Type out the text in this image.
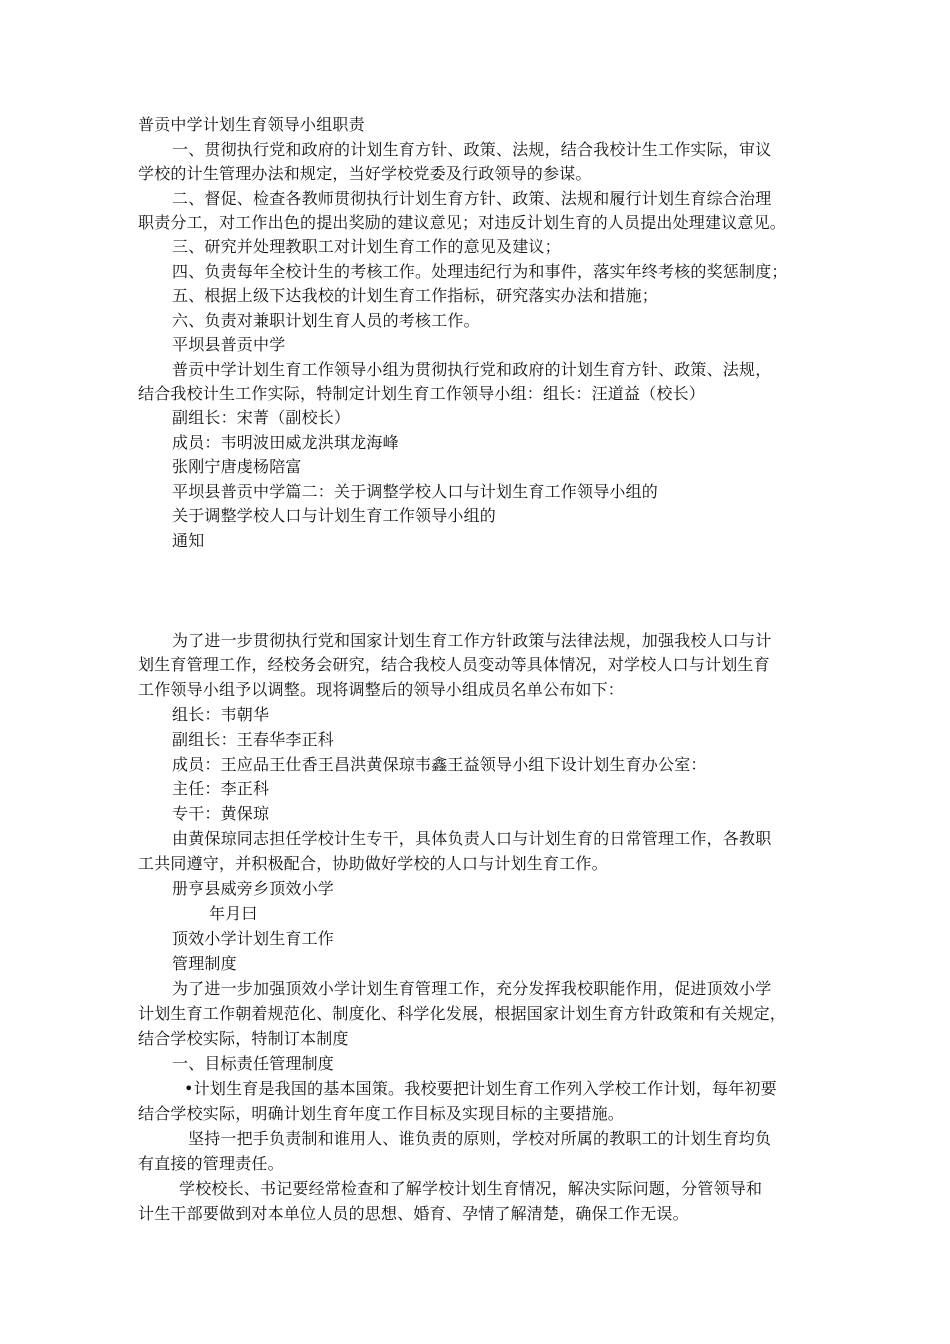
普贡中学计划生育领导小组职责
一、贯彻执行党和政府的计划生育方针、政策、法规，结合我校计生工作实际，审议
学校的计生管理办法和规定，当好学校党委及行政领导的参谋。
二、督促、检查各教师贯彻执行计划生育方针、政策、法规和履行计划生育综合治理
职责分工，对工作出色的提出奖励的建议意见；对违反计划生育的人员提出处理建议意见。
三、研究并处理教职工对计划生育工作的意见及建议；
四、负责每年全校计生的考核工作。处理违纪行为和事件，落实年终考核的奖惩制度；
五、根据上级下达我校的计划生育工作指标，研究落实办法和措施；
六、负责对兼职计划生育人员的考核工作。
平坝县普贡中学
普贡中学计划生育工作领导小组为贯彻执行党和政府的计划生育方针、政策、法规，
结合我校计生工作实际，特制定计划生育工作领导小组：组长：汪道益（校长）
副组长：宋菁（副校长）
成员：韦明波田威龙洪琪龙海峰
张刚宁唐虔杨陪富
平坝县普贡中学篇二：关于调整学校人口与计划生育工作领导小组的
关于调整学校人口与计划生育工作领导小组的
通知
为了进一步贯彻执行党和国家计划生育工作方针政策与法律法规，加强我校人口与计
划生育管理工作，经校务会研究，结合我校人员变动等具体情况，对学校人口与计划生育
工作领导小组予以调整。现将调整后的领导小组成员名单公布如下：
组长：韦朝华
副组长：王春华李正科
成员：王应品王仕香王昌洪黄保琼韦鑫王益领导小组下设计划生育办公室：
主任：李正科
专干：黄保琼
由黄保琼同志担任学校计生专干，具体负责人口与计划生育的日常管理工作，各教职
工共同遵守，并积极配合，协助做好学校的人口与计划生育工作。
册亨县威旁乡顶效小学
年月曰
顶效小学计划生育工作
管理制度
为了进一步加强顶效小学计划生育管理工作，充分发挥我校职能作用，促进顶效小学
计划生育工作朝着规范化、制度化、科学化发展，根据国家计划生育方针政策和有关规定，
结合学校实际，特制订本制度
一、目标责任管理制度
•计划生育是我国的基本国策。我校要把计划生育工作列入学校工作计划，每年初要
结合学校实际，明确计划生育年度工作目标及实现目标的主要措施。
坚持一把手负责制和谁用人、谁负责的原则，学校对所属的教职工的计划生育均负
有直接的管理责任。
学校校长、书记要经常检查和了解学校计划生育情况，解决实际问题，分管领导和
计生干部要做到对本单位人员的思想、婚育、孕情了解清楚，确保工作无误。
